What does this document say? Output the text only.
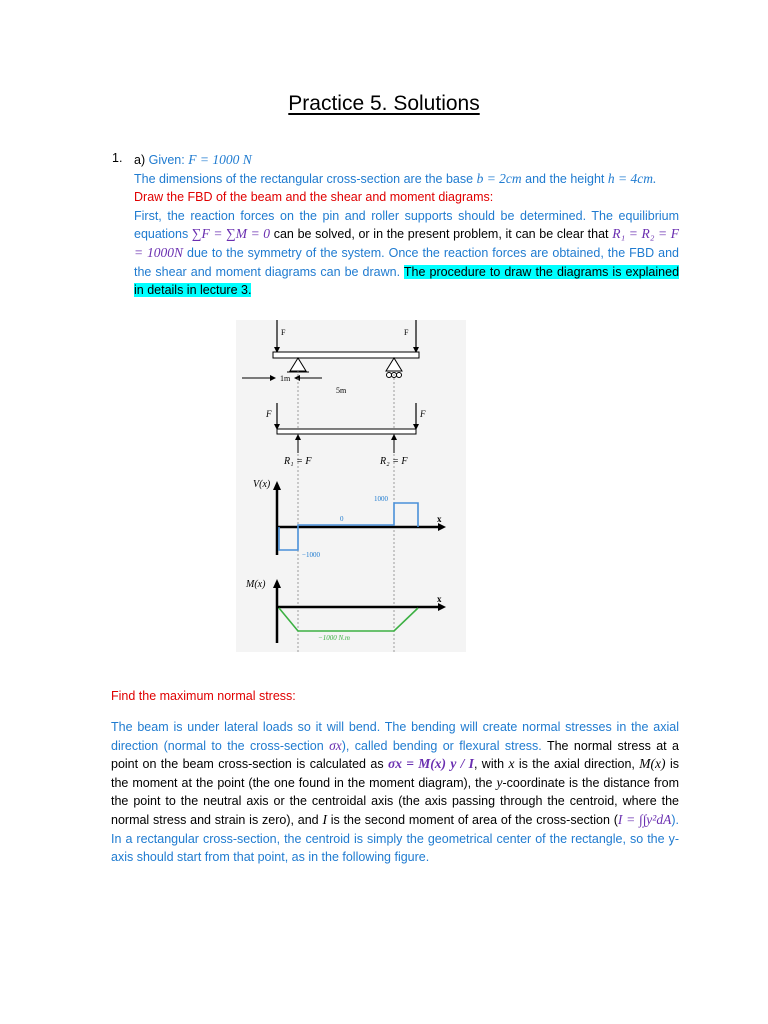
Practice 5. Solutions
1. a) Given: F = 1000 N
The dimensions of the rectangular cross-section are the base b = 2cm and the height h = 4cm.
Draw the FBD of the beam and the shear and moment diagrams:
First, the reaction forces on the pin and roller supports should be determined. The equilibrium equations ∑F = ∑M = 0 can be solved, or in the present problem, it can be clear that R₁ = R₂ = F = 1000N due to the symmetry of the system. Once the reaction forces are obtained, the FBD and the shear and moment diagrams can be drawn. The procedure to draw the diagrams is explained in details in lecture 3.
F	F
1m
5m
F	F
R₁ = F	R₂ = F
V(x)
x
1000
0
−1000
M(x)
x
−1000 N.m
Find the maximum normal stress:
The beam is under lateral loads so it will bend. The bending will create normal stresses in the axial direction (normal to the cross-section σx), called bending or flexural stress. The normal stress at a point on the beam cross-section is calculated as σx = M(x) y / I, with x is the axial direction, M(x) is the moment at the point (the one found in the moment diagram), the y-coordinate is the distance from the point to the neutral axis or the centroidal axis (the axis passing through the centroid, where the normal stress and strain is zero), and I is the second moment of area of the cross-section (I = ∫∫y²dA). In a rectangular cross-section, the centroid is simply the geometrical center of the rectangle, so the y-axis should start from that point, as in the following figure.
